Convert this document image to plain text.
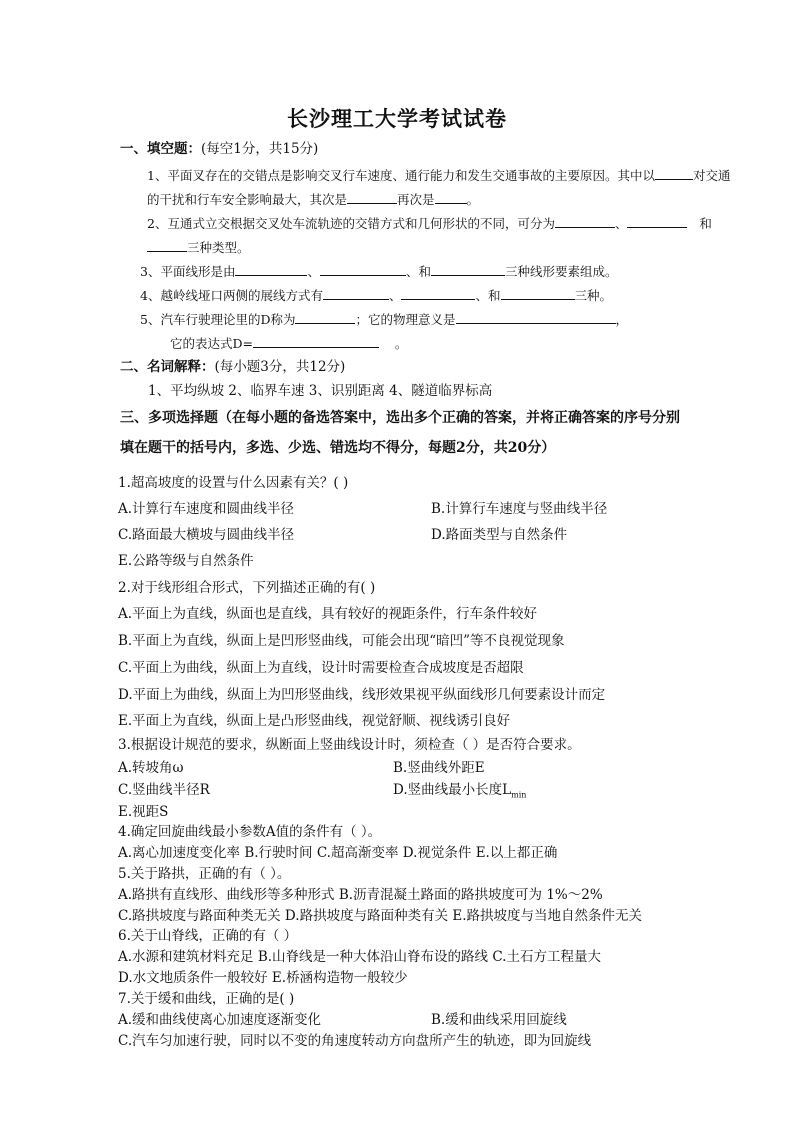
长沙理工大学考试试卷
一、填空题：(每空1分，共15分)
1、平面叉存在的交错点是影响交叉行车速度、通行能力和发生交通事故的主要原因。其中以	对交通
的干扰和行车安全影响最大，其次是	再次是	。
2、互通式立交根据交叉处车流轨迹的交错方式和几何形状的不同，可分为	、	和
三种类型。
3、平面线形是由	、	、和	三种线形要素组成。
4、越岭线垭口两侧的展线方式有	、	、和	三种。
5、汽车行驶理论里的D称为	；它的物理意义是	，
它的表达式D=	。
二、名词解释：(每小题3分，共12分)
1、平均纵坡 2、临界车速 3、识别距离 4、隧道临界标高
三、多项选择题（在每小题的备选答案中，选出多个正确的答案，并将正确答案的序号分别
填在题干的括号内，多选、少选、错选均不得分，每题2分，共20分）
1.超高坡度的设置与什么因素有关？( )
A.计算行车速度和圆曲线半径	B.计算行车速度与竖曲线半径
C.路面最大横坡与圆曲线半径	D.路面类型与自然条件
E.公路等级与自然条件
2.对于线形组合形式，下列描述正确的有( )
A.平面上为直线，纵面也是直线，具有较好的视距条件，行车条件较好
B.平面上为直线，纵面上是凹形竖曲线，可能会出现“暗凹”等不良视觉现象
C.平面上为曲线，纵面上为直线，设计时需要检查合成坡度是否超限
D.平面上为曲线，纵面上为凹形竖曲线，线形效果视平纵面线形几何要素设计而定
E.平面上为直线，纵面上是凸形竖曲线，视觉舒顺、视线诱引良好
3.根据设计规范的要求，纵断面上竖曲线设计时，须检查（ ）是否符合要求。
A.转坡角ω	B.竖曲线外距E
C.竖曲线半径R	D.竖曲线最小长度$L_{min}$
E.视距S
4.确定回旋曲线最小参数A值的条件有（ ）。
A.离心加速度变化率 B.行驶时间 C.超高渐变率 D.视觉条件 E.以上都正确
5.关于路拱，正确的有（ ）。
A.路拱有直线形、曲线形等多种形式 B.沥青混凝土路面的路拱坡度可为 1%～2%
C.路拱坡度与路面种类无关 D.路拱坡度与路面种类有关 E.路拱坡度与当地自然条件无关
6.关于山脊线，正确的有（ ）
A.水源和建筑材料充足 B.山脊线是一种大体沿山脊布设的路线 C.土石方工程量大
D.水文地质条件一般较好 E.桥涵构造物一般较少
7.关于缓和曲线，正确的是( )
A.缓和曲线使离心加速度逐渐变化	B.缓和曲线采用回旋线
C.汽车匀加速行驶，同时以不变的角速度转动方向盘所产生的轨迹，即为回旋线
